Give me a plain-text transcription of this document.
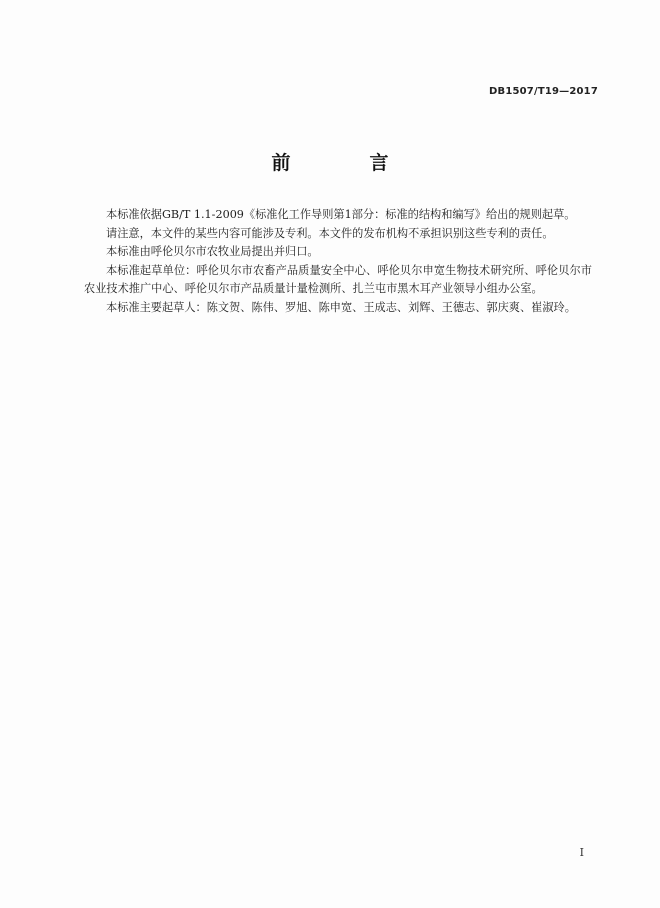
DB1507/T19—2017
前　言

本标准依据GB/T 1.1-2009《标准化工作导则第1部分：标准的结构和编写》给出的规则起草。

请注意，本文件的某些内容可能涉及专利。本文件的发布机构不承担识别这些专利的责任。

本标准由呼伦贝尔市农牧业局提出并归口。

本标准起草单位：呼伦贝尔市农畜产品质量安全中心、呼伦贝尔申宽生物技术研究所、呼伦贝尔市农业技术推广中心、呼伦贝尔市产品质量计量检测所、扎兰屯市黑木耳产业领导小组办公室。

本标准主要起草人：陈文贺、陈伟、罗旭、陈申宽、王成志、刘辉、王德志、郭庆爽、崔淑玲。

I
